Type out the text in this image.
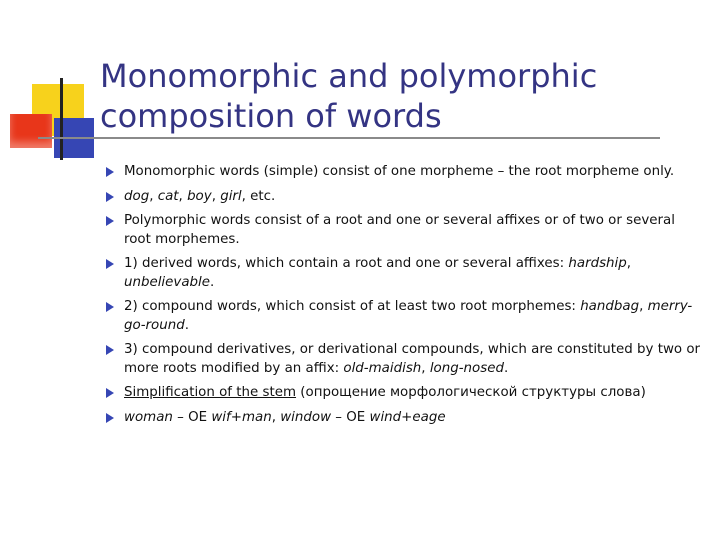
Monomorphic and polymorphic
composition of words
Monomorphic words (simple) consist of one morpheme – the root morpheme only.
dog, cat, boy, girl, etc.
Polymorphic words consist of a root and one or several affixes or of two or several root morphemes.
1) derived words, which contain a root and one or several affixes: hardship, unbelievable.
2) compound words, which consist of at least two root morphemes: handbag, merry-go-round.
3) compound derivatives, or derivational compounds, which are constituted by two or more roots modified by an affix: old-maidish, long-nosed.
Simplification of the stem (опрощение морфологической структуры слова)
woman – OE wif+man, window – OE wind+eage
